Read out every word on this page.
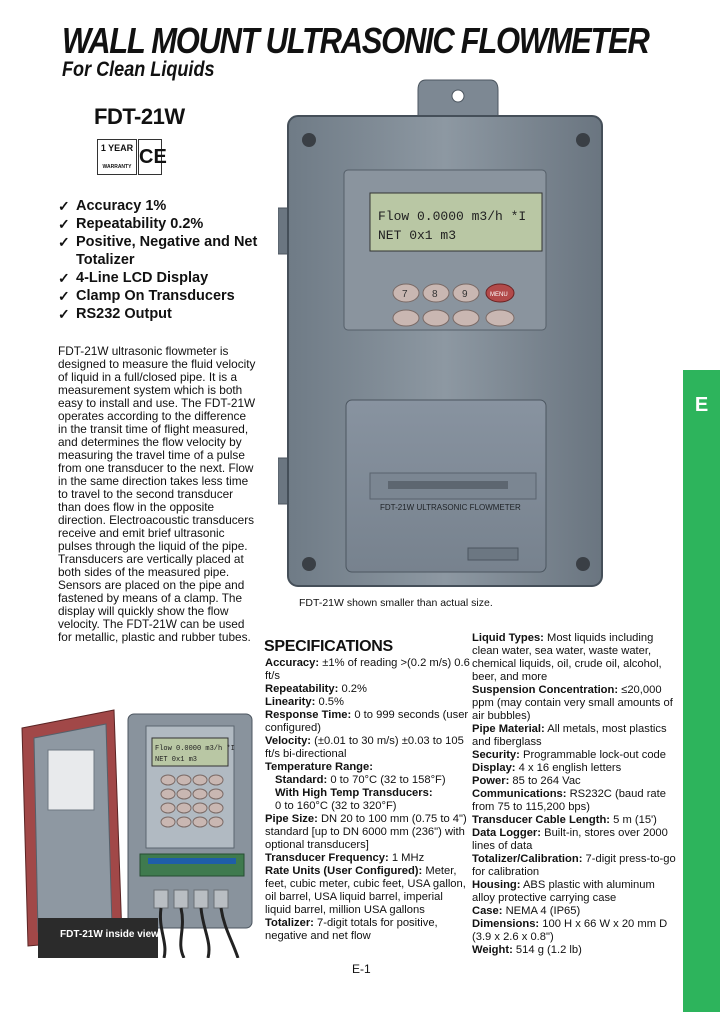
WALL MOUNT ULTRASONIC FLOWMETER
For Clean Liquids
FDT-21W
1 YEAR
WARRANTY CE
✓ Accuracy 1%
✓ Repeatability 0.2%
✓ Positive, Negative and Net Totalizer
✓ 4-Line LCD Display
✓ Clamp On Transducers
✓ RS232 Output
FDT-21W ultrasonic flowmeter is designed to measure the fluid velocity of liquid in a full/closed pipe. It is a measurement system which is both easy to install and use. The FDT-21W operates according to the difference in the transit time of flight measured, and determines the flow velocity by measuring the travel time of a pulse from one transducer to the next. Flow in the same direction takes less time to travel to the second transducer than does flow in the opposite direction. Electroacoustic transducers receive and emit brief ultrasonic pulses through the liquid of the pipe. Transducers are vertically placed at both sides of the measured pipe. Sensors are placed on the pipe and fastened by means of a clamp. The display will quickly show the flow velocity. The FDT-21W can be used for metallic, plastic and rubber tubes.
Flow 0.0000 m3/h *I
NET 0x1 m3
7 8 9	MENU
FDT-21W ULTRASONIC FLOWMETER
FDT-21W shown smaller than actual size.
Flow 0.0000 m3/h *I
NET 0x1 m3
FDT-21W inside view.
SPECIFICATIONS

Accuracy: ±1% of reading >(0.2 m/s) 0.6 ft/s

Repeatability: 0.2%

Linearity: 0.5%

Response Time: 0 to 999 seconds (user configured)

Velocity: (±0.01 to 30 m/s) ±0.03 to 105 ft/s bi-directional

Temperature Range:

Standard: 0 to 70°C (32 to 158°F)

With High Temp Transducers:

0 to 160°C (32 to 320°F)

Pipe Size: DN 20 to 100 mm (0.75 to 4") standard [up to DN 6000 mm (236") with optional transducers]

Transducer Frequency: 1 MHz

Rate Units (User Configured): Meter, feet, cubic meter, cubic feet, USA gallon, oil barrel, USA liquid barrel, imperial liquid barrel, million USA gallons

Totalizer: 7-digit totals for positive, negative and net flow

Liquid Types: Most liquids including clean water, sea water, waste water, chemical liquids, oil, crude oil, alcohol, beer, and more

Suspension Concentration: ≤20,000 ppm (may contain very small amounts of air bubbles)

Pipe Material: All metals, most plastics and fiberglass

Security: Programmable lock-out code

Display: 4 x 16 english letters

Power: 85 to 264 Vac

Communications: RS232C (baud rate from 75 to 115,200 bps)

Transducer Cable Length: 5 m (15')

Data Logger: Built-in, stores over 2000 lines of data

Totalizer/Calibration: 7-digit press-to-go for calibration

Housing: ABS plastic with aluminum alloy protective carrying case

Case: NEMA 4 (IP65)

Dimensions: 100 H x 66 W x 20 mm D (3.9 x 2.6 x 0.8")

Weight: 514 g (1.2 lb)

E-1
E
